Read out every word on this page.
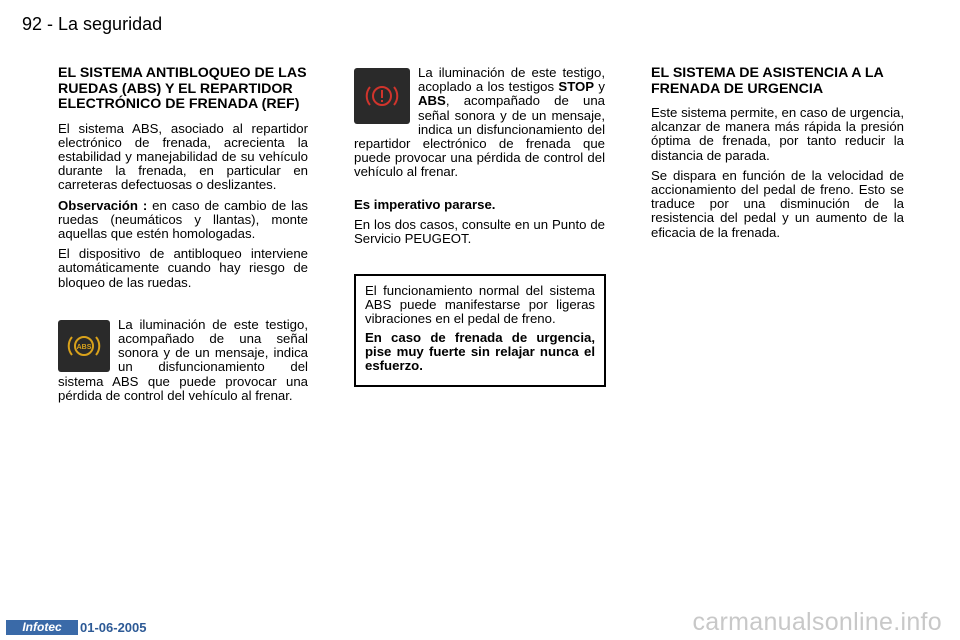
92 - La seguridad
EL SISTEMA ANTIBLOQUEO DE LAS RUEDAS (ABS) Y EL REPARTIDOR ELECTRÓNICO DE FRENADA (REF)

El sistema ABS, asociado al repartidor electrónico de frenada, acrecienta la estabilidad y manejabilidad de su vehículo durante la frenada, en particular en carreteras defectuosas o deslizantes.

Observación : en caso de cambio de las ruedas (neumáticos y llantas), monte aquellas que estén homologadas.

El dispositivo de antibloqueo interviene automáticamente cuando hay riesgo de bloqueo de las ruedas.

ABS

La iluminación de este testigo, acompañado de una señal sonora y de un mensaje, indica un disfuncionamiento del sistema ABS que puede provocar una pérdida de control del vehículo al frenar.

La iluminación de este testigo, acoplado a los testigos STOP y ABS, acompañado de una señal sonora y de un mensaje, indica un disfuncionamiento del repartidor electrónico de frenada que puede provocar una pérdida de control del vehículo al frenar.

Es imperativo pararse.

En los dos casos, consulte en un Punto de Servicio PEUGEOT.

El funcionamiento normal del sistema ABS puede manifestarse por ligeras vibraciones en el pedal de freno.

En caso de frenada de urgencia, pise muy fuerte sin relajar nunca el esfuerzo.

EL SISTEMA DE ASISTENCIA A LA FRENADA DE URGENCIA

Este sistema permite, en caso de urgencia, alcanzar de manera más rápida la presión óptima de frenada, por tanto reducir la distancia de parada.

Se dispara en función de la velocidad de accionamiento del pedal de freno. Esto se traduce por una disminución de la resistencia del pedal y un aumento de la eficacia de la frenada.

Infotec	01-06-2005	carmanualsonline.info
